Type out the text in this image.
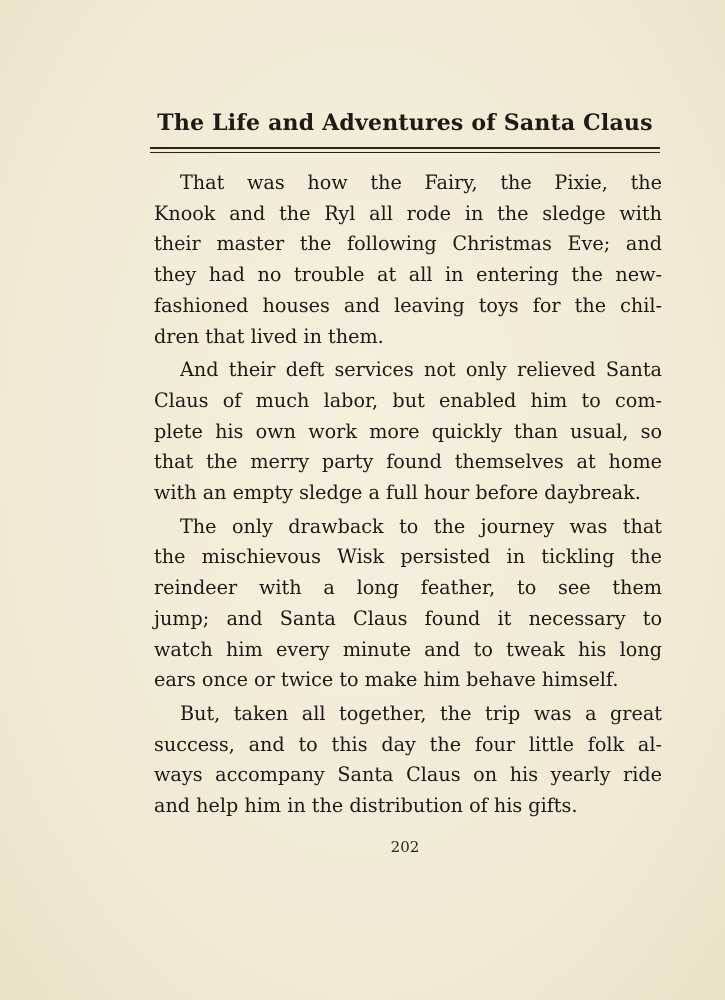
The Life and Adventures of Santa Claus

That was how the Fairy, the Pixie, the
Knook and the Ryl all rode in the sledge with
their master the following Christmas Eve; and
they had no trouble at all in entering the new-
fashioned houses and leaving toys for the chil-
dren that lived in them.

And their deft services not only relieved Santa
Claus of much labor, but enabled him to com-
plete his own work more quickly than usual, so
that the merry party found themselves at home
with an empty sledge a full hour before daybreak.

The only drawback to the journey was that
the mischievous Wisk persisted in tickling the
reindeer with a long feather, to see them
jump; and Santa Claus found it necessary to
watch him every minute and to tweak his long
ears once or twice to make him behave himself.

But, taken all together, the trip was a great
success, and to this day the four little folk al-
ways accompany Santa Claus on his yearly ride
and help him in the distribution of his gifts.

202
